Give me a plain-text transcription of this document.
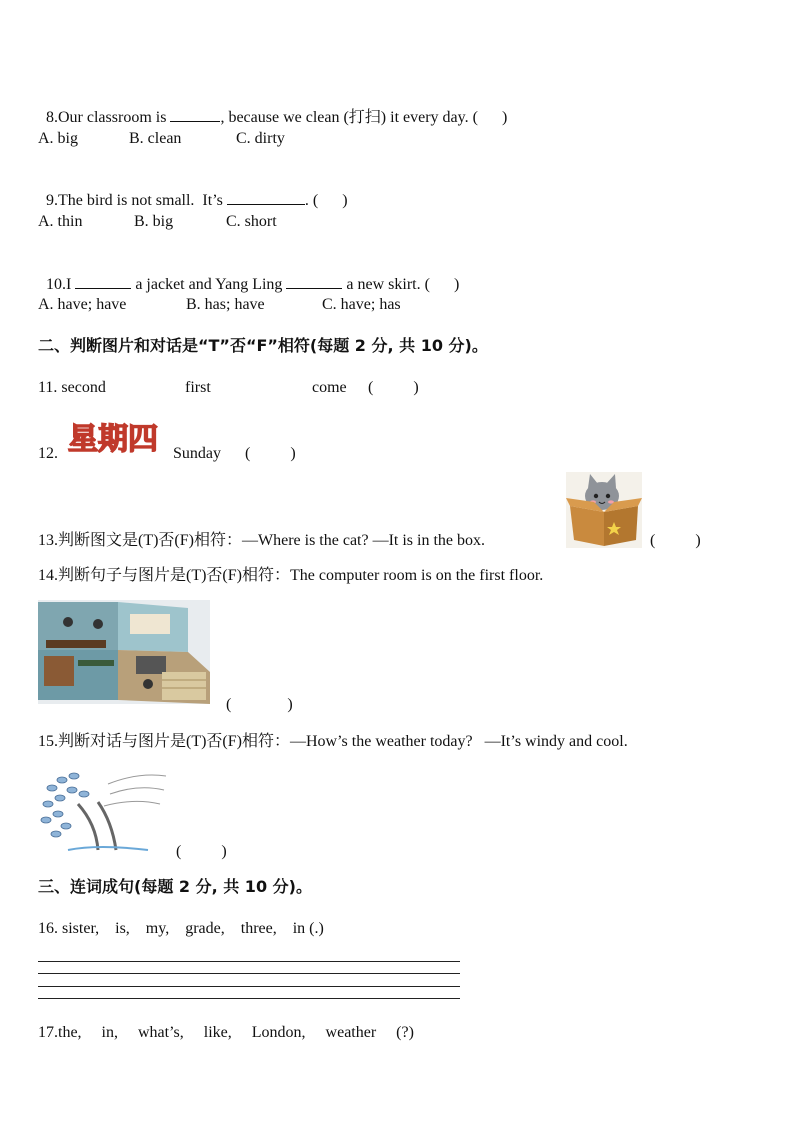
8.Our classroom is	, because we clean (打扫) it every day. (      )

A. big	B. clean	C. dirty

9.The bird is not small.  It’s	. (      )

A. thin	B. big	C. short

10.I	a jacket and Yang Ling	a new skirt. (      )

A. have; have	B. has; have	C. have; has
二、判断图片和对话是“T”否“F”相符(每题 2 分, 共 10 分)。
11. second	first	come (          )
12. 星期四 Sunday (          )
13.判断图文是(T)否(F)相符：—Where is the cat? —It is in the box.	(          )
14.判断句子与图片是(T)否(F)相符：The computer room is on the first floor.
(              )
15.判断对话与图片是(T)否(F)相符：—How’s the weather today?   —It’s windy and cool.
(          )
三、连词成句(每题 2 分, 共 10 分)。
16. sister,    is,    my,    grade,    three,    in (.)
17.the,     in,     what’s,     like,     London,     weather     (?)
